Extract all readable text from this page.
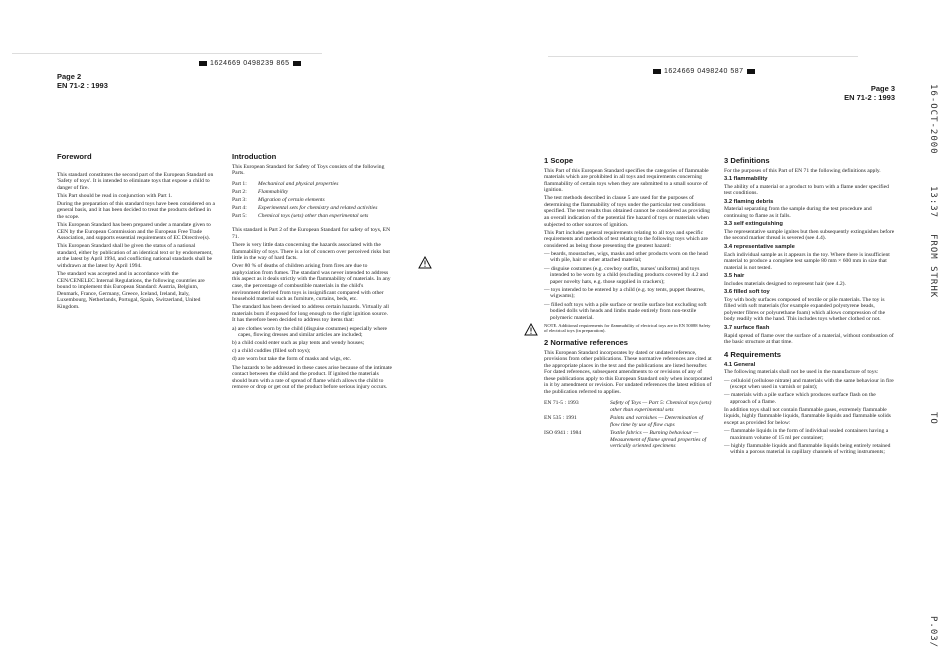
1624669 0498239 865
Page 2
EN 71-2 : 1993
Foreword

This standard constitutes the second part of the European Standard on 'Safety of toys'. It is intended to eliminate toys that expose a child to danger of fire.

This Part should be read in conjunction with Part 1.

During the preparation of this standard toys have been considered on a general basis, and it has been decided to treat the products defined in the scope.

This European Standard has been prepared under a mandate given to CEN by the European Commission and the European Free Trade Association, and supports essential requirements of EC Directive(s).

This European Standard shall be given the status of a national standard, either by publication of an identical text or by endorsement, at the latest by April 1994, and conflicting national standards shall be withdrawn at the latest by April 1994.

The standard was accepted and in accordance with the CEN/CENELEC Internal Regulations, the following countries are bound to implement this European Standard: Austria, Belgium, Denmark, France, Germany, Greece, Iceland, Ireland, Italy, Luxembourg, Netherlands, Portugal, Spain, Switzerland, United Kingdom.

Introduction

This European Standard for Safety of Toys consists of the following Parts.

Part 1:	Mechanical and physical properties
Part 2:	Flammability
Part 3:	Migration of certain elements
Part 4:	Experimental sets for chemistry and related activities
Part 5:	Chemical toys (sets) other than experimental sets

This standard is Part 2 of the European Standard for safety of toys, EN 71.

There is very little data concerning the hazards associated with the flammability of toys. There is a lot of concern over perceived risks but little in the way of hard facts.

Over 80 % of deaths of children arising from fires are due to asphyxiation from fumes. The standard was never intended to address this aspect as it deals strictly with the flammability of materials. In any case, the percentage of combustible materials in the child's environment derived from toys is insignificant compared with other household material such as furniture, curtains, beds, etc.

The standard has been devised to address certain hazards. Virtually all materials burn if exposed for long enough to the right ignition source. It has therefore been decided to address toy items that:

a) are clothes worn by the child (disguise costumes) especially where capes, flowing dresses and similar articles are included;

b) a child could enter such as play tents and wendy houses;

c) a child cuddles (filled soft toys);

d) are worn but take the form of masks and wigs, etc.

The hazards to be addressed in these cases arise because of the intimate contact between the child and the product. If ignited the materials should burn with a rate of spread of flame which allows the child to remove or drop or get out of the product before serious injury occurs.

1624669 0498240 587
Page 3
EN 71-2 : 1993
1 Scope

This Part of this European Standard specifies the categories of flammable materials which are prohibited in all toys and requirements concerning flammability of certain toys when they are submitted to a small source of ignition.

The test methods described in clause 5 are used for the purposes of determining the flammability of toys under the particular test conditions specified. The test results thus obtained cannot be considered as providing an overall indication of the potential fire hazard of toys or materials when subjected to other sources of ignition.

This Part includes general requirements relating to all toys and specific requirements and methods of test relating to the following toys which are considered as being those presenting the greatest hazard:

— beards, moustaches, wigs, masks and other products worn on the head with pile, hair or other attached material;

— disguise costumes (e.g. cowboy outfits, nurses' uniforms) and toys intended to be worn by a child (excluding products covered by 4.2 and paper novelty hats, e.g. those supplied in crackers);

— toys intended to be entered by a child (e.g. toy tents, puppet theatres, wigwams);

— filled soft toys with a pile surface or textile surface but excluding soft bodied dolls with heads and limbs made entirely from non-textile polymeric material.

NOTE. Additional requirements for flammability of electrical toys are in EN 50088 Safety of electrical toys (in preparation).

2 Normative references

This European Standard incorporates by dated or undated reference, provisions from other publications. These normative references are cited at the appropriate places in the text and the publications are listed hereafter. For dated references, subsequent amendments to or revisions of any of these publications apply to this European Standard only when incorporated in it by amendment or revision. For undated references the latest edition of the publication referred to applies.

EN 71-5 : 1993	Safety of Toys — Part 5: Chemical toys (sets) other than experimental sets
EN 535 : 1991	Paints and varnishes — Determination of flow time by use of flow cups
ISO 6941 : 1984	Textile fabrics — Burning behaviour — Measurement of flame spread properties of vertically oriented specimens
3 Definitions

For the purposes of this Part of EN 71 the following definitions apply.

3.1 flammability

The ability of a material or a product to burn with a flame under specified test conditions.

3.2 flaming debris

Material separating from the sample during the test procedure and continuing to flame as it falls.

3.3 self extinguishing

The representative sample ignites but then subsequently extinguishes before the second marker thread is severed (see 4.4).

3.4 representative sample

Each individual sample as it appears in the toy. Where there is insufficient material to produce a complete test sample 80 mm × 600 mm in size that material is not tested.

3.5 hair

Includes materials designed to represent hair (see 4.2).

3.6 filled soft toy

Toy with body surfaces composed of textile or pile materials. The toy is filled with soft materials (for example expanded polystyrene beads, polyester fibres or polyurethane foam) which allows compression of the body readily with the hand. This includes toys whether clothed or not.

3.7 surface flash

Rapid spread of flame over the surface of a material, without combustion of the basic structure at that time.

4 Requirements
4.1 General

The following materials shall not be used in the manufacture of toys:

— celluloid (cellulose nitrate) and materials with the same behaviour in fire (except when used in varnish or paint);

— materials with a pile surface which produces surface flash on the approach of a flame.

In addition toys shall not contain flammable gases, extremely flammable liquids, highly flammable liquids, flammable liquids and flammable solids except as provided for below:

— flammable liquids in the form of individual sealed containers having a maximum volume of 15 ml per container;

— highly flammable liquids and flammable liquids being entirely retained within a porous material in capillary channels of writing instruments;

16-OCT-2000
13:37
FROM STRHK
TO
P.03/
